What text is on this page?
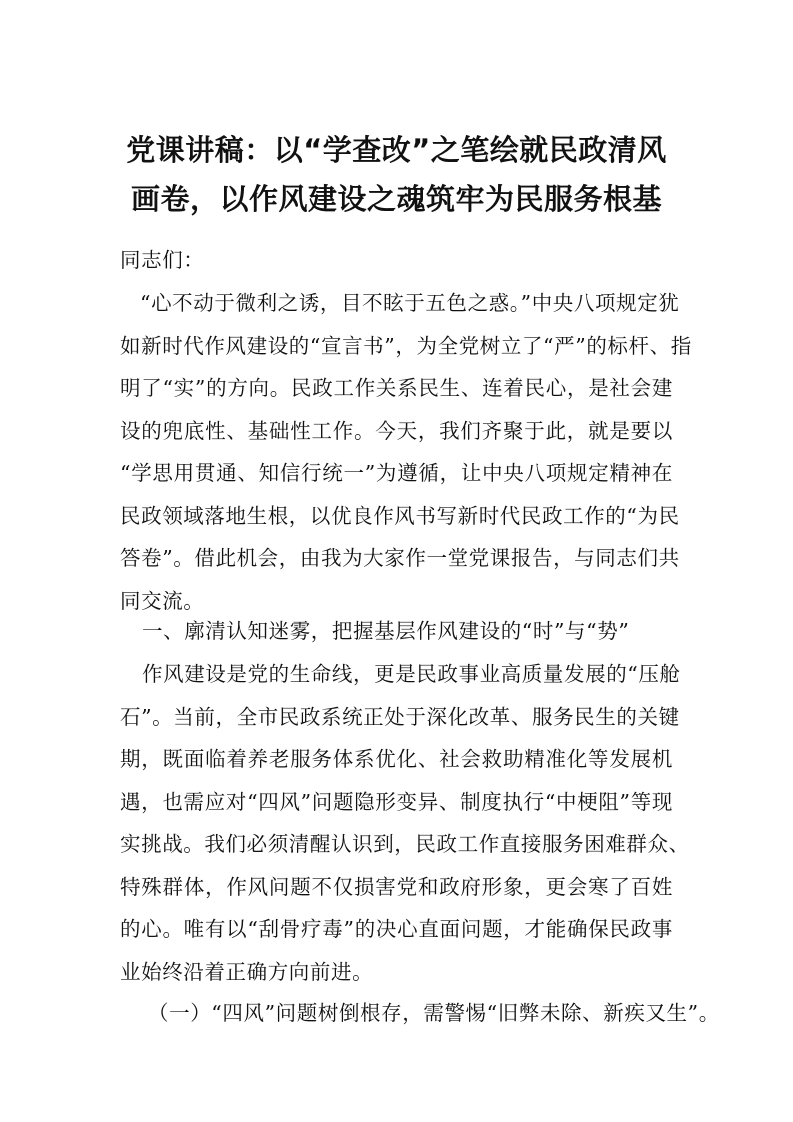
党课讲稿：以“学查改”之笔绘就民政清风
画卷，以作风建设之魂筑牢为民服务根基
同志们：
“心不动于微利之诱，目不眩于五色之惑。”中央八项规定犹
如新时代作风建设的“宣言书”，为全党树立了“严”的标杆、指
明了“实”的方向。民政工作关系民生、连着民心，是社会建
设的兜底性、基础性工作。今天，我们齐聚于此，就是要以
“学思用贯通、知信行统一”为遵循，让中央八项规定精神在
民政领域落地生根，以优良作风书写新时代民政工作的“为民
答卷”。借此机会，由我为大家作一堂党课报告，与同志们共
同交流。
一、廓清认知迷雾，把握基层作风建设的“时”与“势”
作风建设是党的生命线，更是民政事业高质量发展的“压舱
石”。当前，全市民政系统正处于深化改革、服务民生的关键
期，既面临着养老服务体系优化、社会救助精准化等发展机
遇，也需应对“四风”问题隐形变异、制度执行“中梗阻”等现
实挑战。我们必须清醒认识到，民政工作直接服务困难群众、
特殊群体，作风问题不仅损害党和政府形象，更会寒了百姓
的心。唯有以“刮骨疗毒”的决心直面问题，才能确保民政事
业始终沿着正确方向前进。
（一）“四风”问题树倒根存，需警惕“旧弊未除、新疾又生”。
